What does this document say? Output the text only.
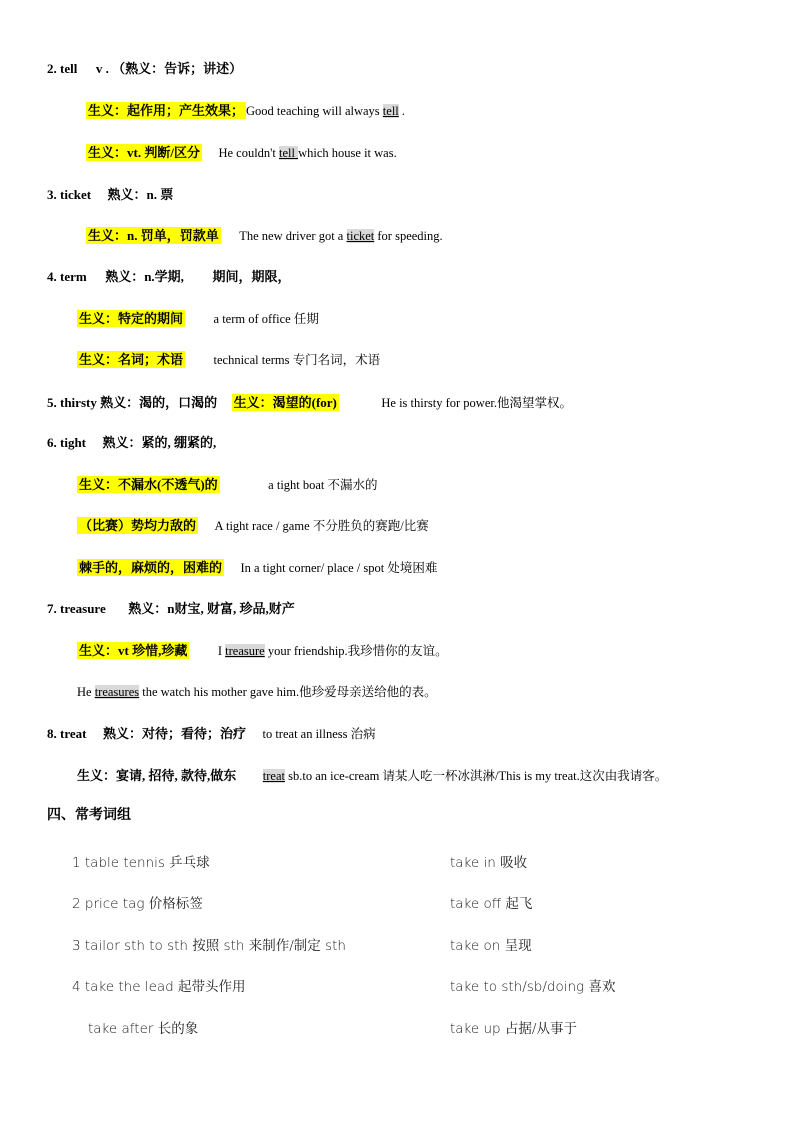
2. tell v . （熟义：告诉；讲述）
生义：起作用；产生效果； Good teaching will always tell .
生义：vt. 判断/区分 He couldn't tell which house it was.
3. ticket 熟义：n. 票
生义：n. 罚单，罚款单 The new driver got a ticket for speeding.
4. term 熟义：n.学期, 期间，期限，
生义：特定的期间 a term of office 任期
生义：名词；术语 technical terms 专门名词，术语
5. thirsty 熟义：渴的，口渴的 生义：渴望的(for)	He is thirsty for power.他渴望掌权。
6. tight 熟义：紧的, 绷紧的,
生义：不漏水(不透气)的	a tight boat 不漏水的
（比赛）势均力敌的 A tight race / game 不分胜负的赛跑/比赛
棘手的，麻烦的，困难的 In a tight corner/ place / spot 处境困难
7. treasure 熟义：n财宝, 财富, 珍品,财产
生义：vt 珍惜,珍藏 I treasure your friendship.我珍惜你的友谊。
He treasures the watch his mother gave him.他珍爱母亲送给他的表。
8. treat 熟义：对待；看待；治疗 to treat an illness 治病
生义：宴请, 招待, 款待,做东 treat sb.to an ice-cream 请某人吃一杯冰淇淋/This is my treat.这次由我请客。
四、常考词组
1 table tennis 乒乓球
2 price tag 价格标签
3 tailor sth to sth 按照 sth 来制作/制定 sth
4 take the lead 起带头作用
take after 长的象
take in 吸收
take off 起飞
take on 呈现
take to sth/sb/doing 喜欢
take up 占据/从事于
